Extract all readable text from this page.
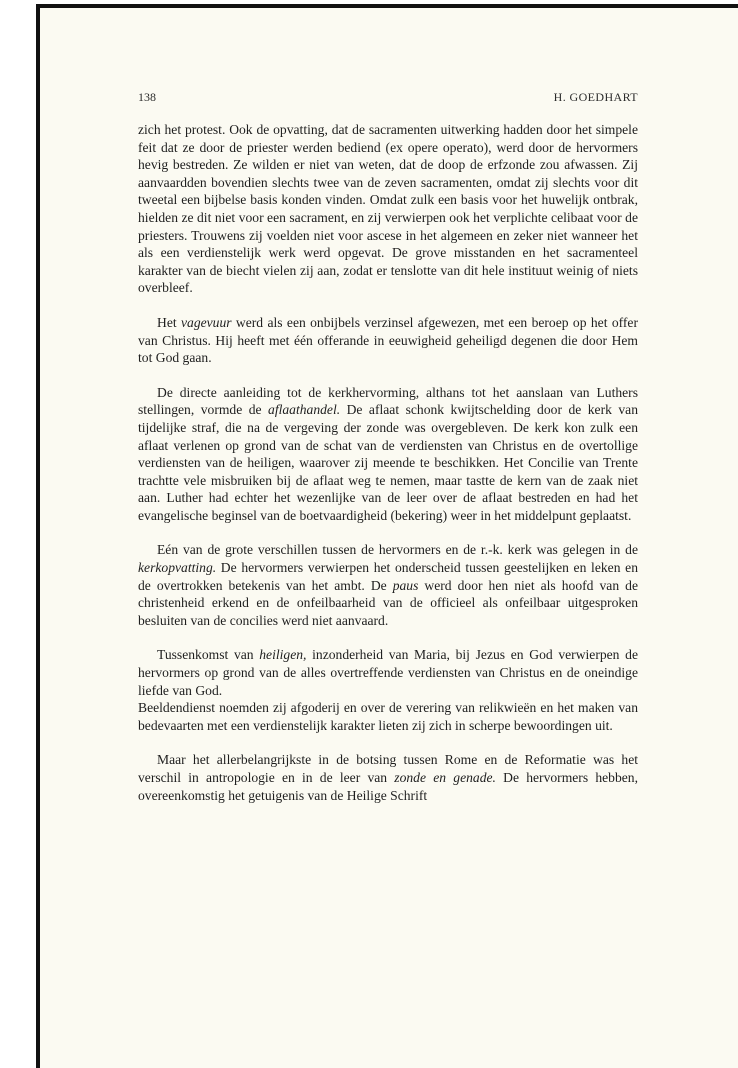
138	H. GOEDHART

zich het protest. Ook de opvatting, dat de sacramenten uitwerking hadden door het simpele feit dat ze door de priester werden bediend (ex opere operato), werd door de hervormers hevig bestreden. Ze wilden er niet van weten, dat de doop de erfzonde zou afwassen. Zij aanvaardden bovendien slechts twee van de zeven sacramenten, omdat zij slechts voor dit tweetal een bijbelse basis konden vinden. Omdat zulk een basis voor het huwelijk ontbrak, hielden ze dit niet voor een sacrament, en zij verwierpen ook het verplichte celibaat voor de priesters. Trouwens zij voelden niet voor ascese in het algemeen en zeker niet wanneer het als een verdienstelijk werk werd opgevat. De grove misstanden en het sacramenteel karakter van de biecht vielen zij aan, zodat er tenslotte van dit hele instituut weinig of niets overbleef.

Het vagevuur werd als een onbijbels verzinsel afgewezen, met een beroep op het offer van Christus. Hij heeft met één offerande in eeuwigheid geheiligd degenen die door Hem tot God gaan.

De directe aanleiding tot de kerkhervorming, althans tot het aanslaan van Luthers stellingen, vormde de aflaathandel. De aflaat schonk kwijtschelding door de kerk van tijdelijke straf, die na de vergeving der zonde was overgebleven. De kerk kon zulk een aflaat verlenen op grond van de schat van de verdiensten van Christus en de overtollige verdiensten van de heiligen, waarover zij meende te beschikken. Het Concilie van Trente trachtte vele misbruiken bij de aflaat weg te nemen, maar tastte de kern van de zaak niet aan. Luther had echter het wezenlijke van de leer over de aflaat bestreden en had het evangelische beginsel van de boetvaardigheid (bekering) weer in het middelpunt geplaatst.

Eén van de grote verschillen tussen de hervormers en de r.-k. kerk was gelegen in de kerkopvatting. De hervormers verwierpen het onderscheid tussen geestelijken en leken en de overtrokken betekenis van het ambt. De paus werd door hen niet als hoofd van de christenheid erkend en de onfeilbaarheid van de officieel als onfeilbaar uitgesproken besluiten van de concilies werd niet aanvaard.

Tussenkomst van heiligen, inzonderheid van Maria, bij Jezus en God verwierpen de hervormers op grond van de alles overtreffende verdiensten van Christus en de oneindige liefde van God.

Beeldendienst noemden zij afgoderij en over de verering van relikwieën en het maken van bedevaarten met een verdienstelijk karakter lieten zij zich in scherpe bewoordingen uit.

Maar het allerbelangrijkste in de botsing tussen Rome en de Reformatie was het verschil in antropologie en in de leer van zonde en genade. De hervormers hebben, overeenkomstig het getuigenis van de Heilige Schrift
